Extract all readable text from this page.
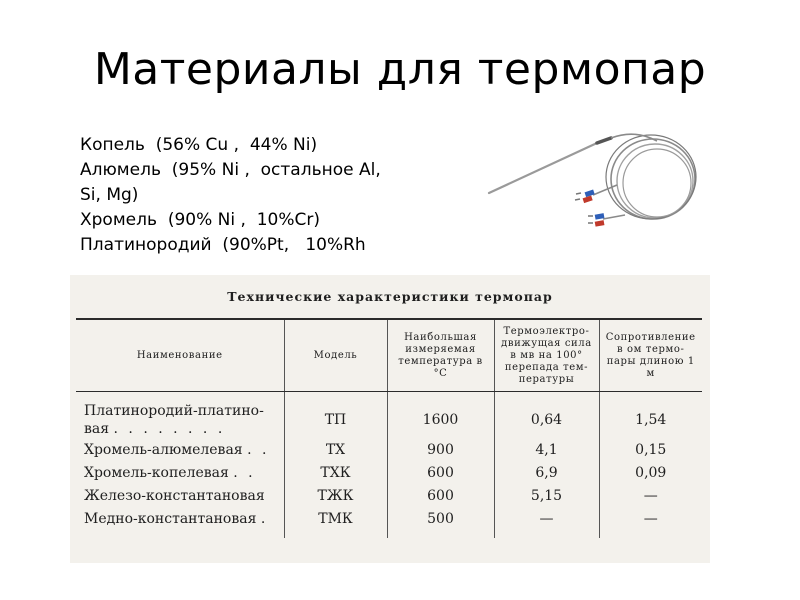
Материалы для термопар
Копель  (56% Cu ,  44% Ni)
Алюмель  (95% Ni ,  остальное Al,
Si, Mg)
Хромель  (90% Ni ,  10%Cr)
Платинородий  (90%Pt,   10%Rh
Технические характеристики термопар
Наименование	Модель	Наибольшая измеряемая температура в °С	Термоэлектро- движущая сила в мв на 100° перепада тем- пературы	Сопротивление в ом термо- пары длиною 1 м
Платинородий-платино-
вая . . . . . . . .	ТП	1600	0,64	1,54
Хромель-алюмелевая . .	ТХ	900	4,1	0,15
Хромель-копелевая . .	ТХК	600	6,9	0,09
Железо-константановая	ТЖК	600	5,15	—
Медно-константановая .	ТМК	500	—	—
